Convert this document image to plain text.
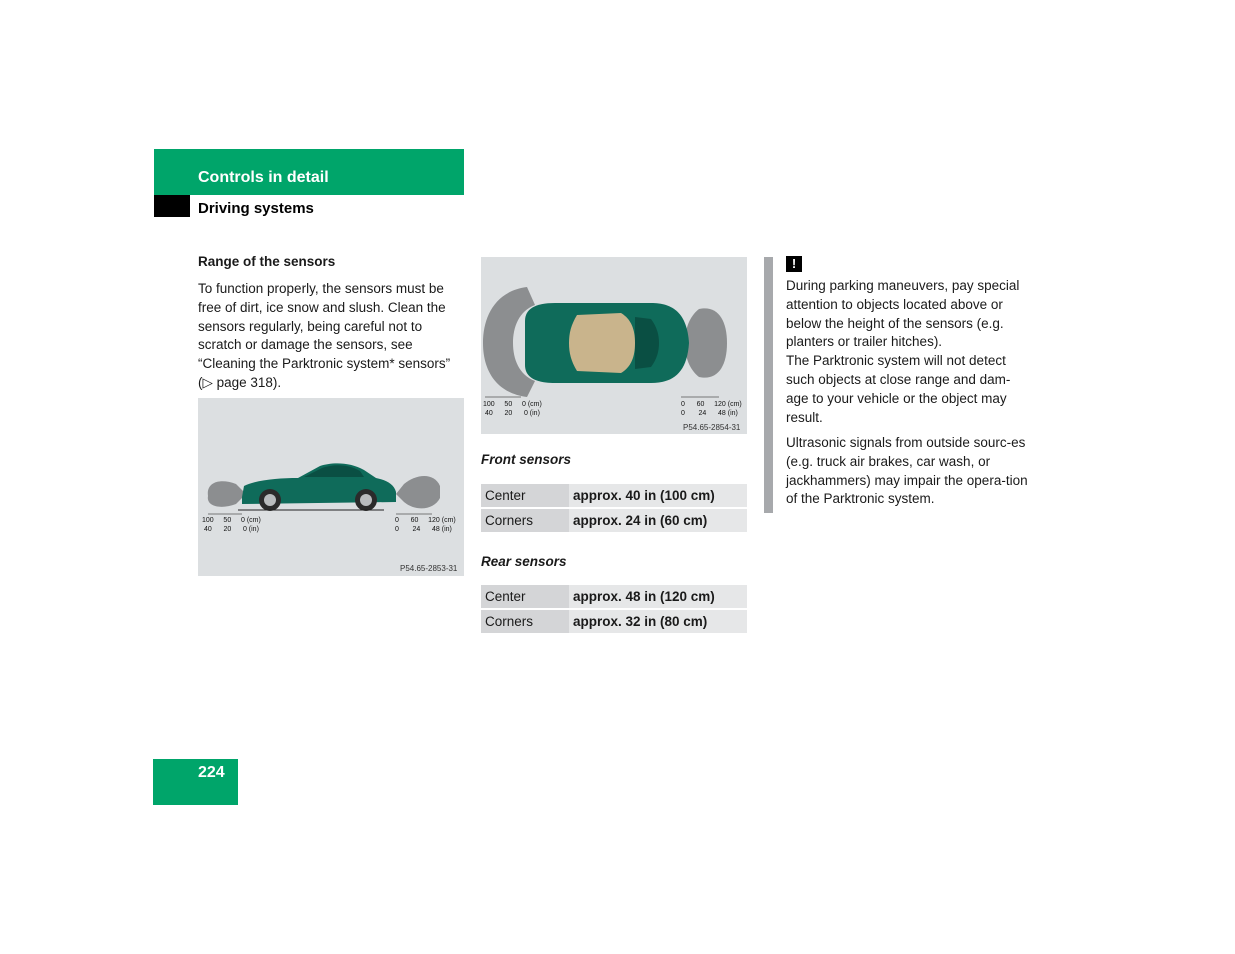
Controls in detail
Driving systems
Range of the sensors
To function properly, the sensors must be free of dirt, ice snow and slush. Clean the sensors regularly, being careful not to scratch or damage the sensors, see “Cleaning the Parktronic system* sensors” (▷ page 318).
100 50 0 (cm)
40 20 0 (in)
0 60 120 (cm)
0 24 48 (in)
P54.65-2853-31
100 50 0 (cm)
40 20 0 (in)
0 60 120 (cm)
0 24 48 (in)
P54.65-2854-31
Front sensors
Center	approx. 40 in (100 cm)
Corners	approx. 24 in (60 cm)
Rear sensors
Center	approx. 48 in (120 cm)
Corners	approx. 32 in (80 cm)
!
During parking maneuvers, pay special attention to objects located above or below the height of the sensors (e.g. planters or trailer hitches).
The Parktronic system will not detect such objects at close range and dam-age to your vehicle or the object may result.
Ultrasonic signals from outside sourc-es (e.g. truck air brakes, car wash, or jackhammers) may impair the opera-tion of the Parktronic system.
224
